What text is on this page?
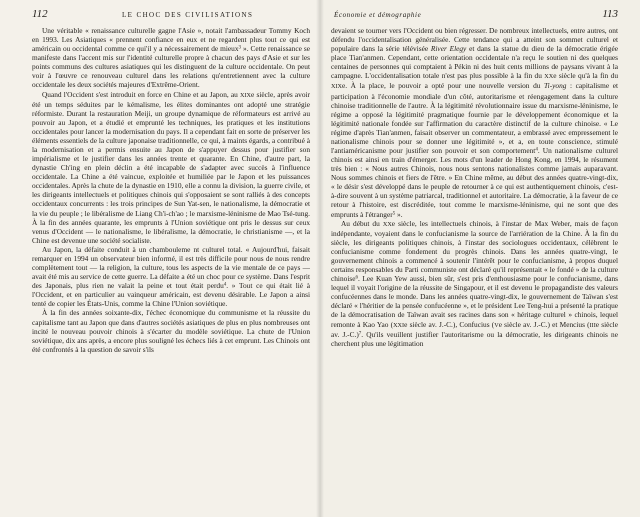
112	LE CHOC DES CIVILISATIONS

Une véritable « renaissance culturelle gagne l'Asie », notait l'ambassadeur Tommy Koch en 1993. Les Asiatiques « prennent confiance en eux et ne regardent plus tout ce qui est américain ou occidental comme ce qui'il y a nécessairement de mieux$^3$ ». Cette renaissance se manifeste dans l'accent mis sur l'identité culturelle propre à chacun des pays d'Asie et sur les points communs des cultures asiatiques qui les distinguent de la culture occidentale. On peut voir à l'œuvre ce renouveau culturel dans les relations qu'entretiennent avec la culture occidentale les deux sociétés majeures d'Extrême-Orient.

Quand l'Occident s'est introduit en force en Chine et au Japon, au XIXe siècle, après avoir été un temps séduites par le kémalisme, les élites dominantes ont adopté une stratégie réformiste. Durant la restauration Meiji, un groupe dynamique de réformateurs est arrivé au pouvoir au Japon, et a étudié et emprunté les techniques, les pratiques et les institutions occidentales pour lancer la modernisation du pays. Il a cependant fait en sorte de préserver les éléments essentiels de la culture japonaise traditionnelle, ce qui, à maints égards, a contribué à la modernisation et a permis ensuite au Japon de s'appuyer dessus pour justifier son impérialisme et le justifier dans les années trente et quarante. En Chine, d'autre part, la dynastie Ch'ing en plein déclin a été incapable de s'adapter avec succès à l'influence occidentale. La Chine a été vaincue, exploitée et humiliée par le Japon et les puissances occidentales. Après la chute de la dynastie en 1910, elle a connu la division, la guerre civile, et les dirigeants intellectuels et politiques chinois qui s'opposaient se sont ralliés à des concepts occidentaux concurrents : les trois principes de Sun Yat-sen, le nationalisme, la démocratie et la vie du peuple ; le libéralisme de Liang Ch'i-ch'ao ; le marxisme-léninisme de Mao Tsé-tung. À la fin des années quarante, les emprunts à l'Union soviétique ont pris le dessus sur ceux venus d'Occident — le nationalisme, le libéralisme, la démocratie, le christianisme —, et la Chine est devenue une société socialiste.

Au Japon, la défaite conduit à un chambouleme nt culturel total. « Aujourd'hui, faisait remarquer en 1994 un observateur bien informé, il est très difficile pour nous de nous rendre complètement tout — la religion, la culture, tous les aspects de la vie mentale de ce pays — avait été mis au service de cette guerre. La défaite a été un choc pour ce système. Dans l'esprit des Japonais, plus rien ne valait la peine et tout était perdu$^4$. » Tout ce qui était lié à l'Occident, et en particulier au vainqueur américain, est devenu désirable. Le Japon a ainsi tenté de copier les États-Unis, comme la Chine l'Union soviétique.

À la fin des années soixante-dix, l'échec économique du communisme et la réussite du capitalisme tant au Japon que dans d'autres sociétés asiatiques de plus en plus nombreuses ont incité le nouveau pouvoir chinois à s'écarter du modèle soviétique. La chute de l'Union soviétique, dix ans après, a encore plus souligné les échecs liés à cet emprunt. Les Chinois ont été confrontés à la question de savoir s'ils

Économie et démographie	113

devaient se tourner vers l'Occident ou bien régresser. De nombreux intellectuels, entre autres, ont défendu l'occidentalisation généralisée. Cette tendance qui a atteint son sommet culturel et populaire dans la série télévisée River Elegy et dans la statue du dieu de la démocratie érigée place Tian'anmen. Cependant, cette orientation occidentale n'a reçu le soutien ni des quelques centaines de personnes qui comptaient à Pékin ni des huit cents millions de paysans vivant à la campagne. L'occidentalisation totale n'est pas plus possible à la fin du XXe siècle qu'à la fin du XIXe. À la place, le pouvoir a opté pour une nouvelle version du Ti-yong : capitalisme et participation à l'économie mondiale d'un côté, autoritarisme et réengagement dans la culture chinoise traditionnelle de l'autre. À la légitimité révolutionnaire issue du marxisme-léninisme, le régime a opposé la légitimité pragmatique fournie par le développement économique et la légitimité nationale fondée sur l'affirmation du caractère distinctif de la culture chinoise. « Le régime d'après Tian'anmen, faisait observer un commentateur, a embrassé avec empressement le nationalisme chinois pour se donner une légitimité », et a, en toute conscience, stimulé l'antiaméricanisme pour justifier son pouvoir et son comportement$^4$. Un nationalisme culturel chinois est ainsi en train d'émerger. Les mots d'un leader de Hong Kong, en 1994, le résument très bien : « Nous autres Chinois, nous nous sentons nationalistes comme jamais auparavant. Nous sommes chinois et fiers de l'être. » En Chine même, au début des années quatre-vingt-dix, « le désir s'est développé dans le peuple de retourner à ce qui est authentiquement chinois, c'est-à-dire souvent à un système patriarcal, traditionnel et autoritaire. La démocratie, à la faveur de ce retour à l'histoire, est discréditée, tout comme le marxisme-léninisme, qui ne sont que des emprunts à l'étranger$^5$ ».

Au début du XXe siècle, les intellectuels chinois, à l'instar de Max Weber, mais de façon indépendante, voyaient dans le confucianisme la source de l'arriération de la Chine. À la fin du siècle, les dirigeants politiques chinois, à l'instar des sociologues occidentaux, célèbrent le confucianisme comme fondement du progrès chinois. Dans les années quatre-vingt, le gouvernement chinois a commencé à soutenir l'intérêt pour le confucianisme, à propos duquel certains responsables du Parti communiste ont déclaré qu'il représentait « le fondé » de la culture chinoise$^6$. Lee Kuan Yew aussi, bien sûr, s'est pris d'enthousiasme pour le confucianisme, dans lequel il voyait l'origine de la réussite de Singapour, et il est devenu le propagandiste des valeurs confucéennes dans le monde. Dans les années quatre-vingt-dix, le gouvernement de Taïwan s'est déclaré « l'héritier de la pensée confucéenne », et le président Lee Teng-hui a présenté la pratique de la démocratisation de Taïwan avait ses racines dans son « héritage culturel » chinois, lequel remonte à Kao Yao (XXIe siècle av. J.-C.), Confucius (Ve siècle av. J.-C.) et Mencius (IIIe siècle av. J.-C.)$^7$. Qu'ils veuillent justifier l'autoritarisme ou la démocratie, les dirigeants chinois ne cherchent plus une légitimation
